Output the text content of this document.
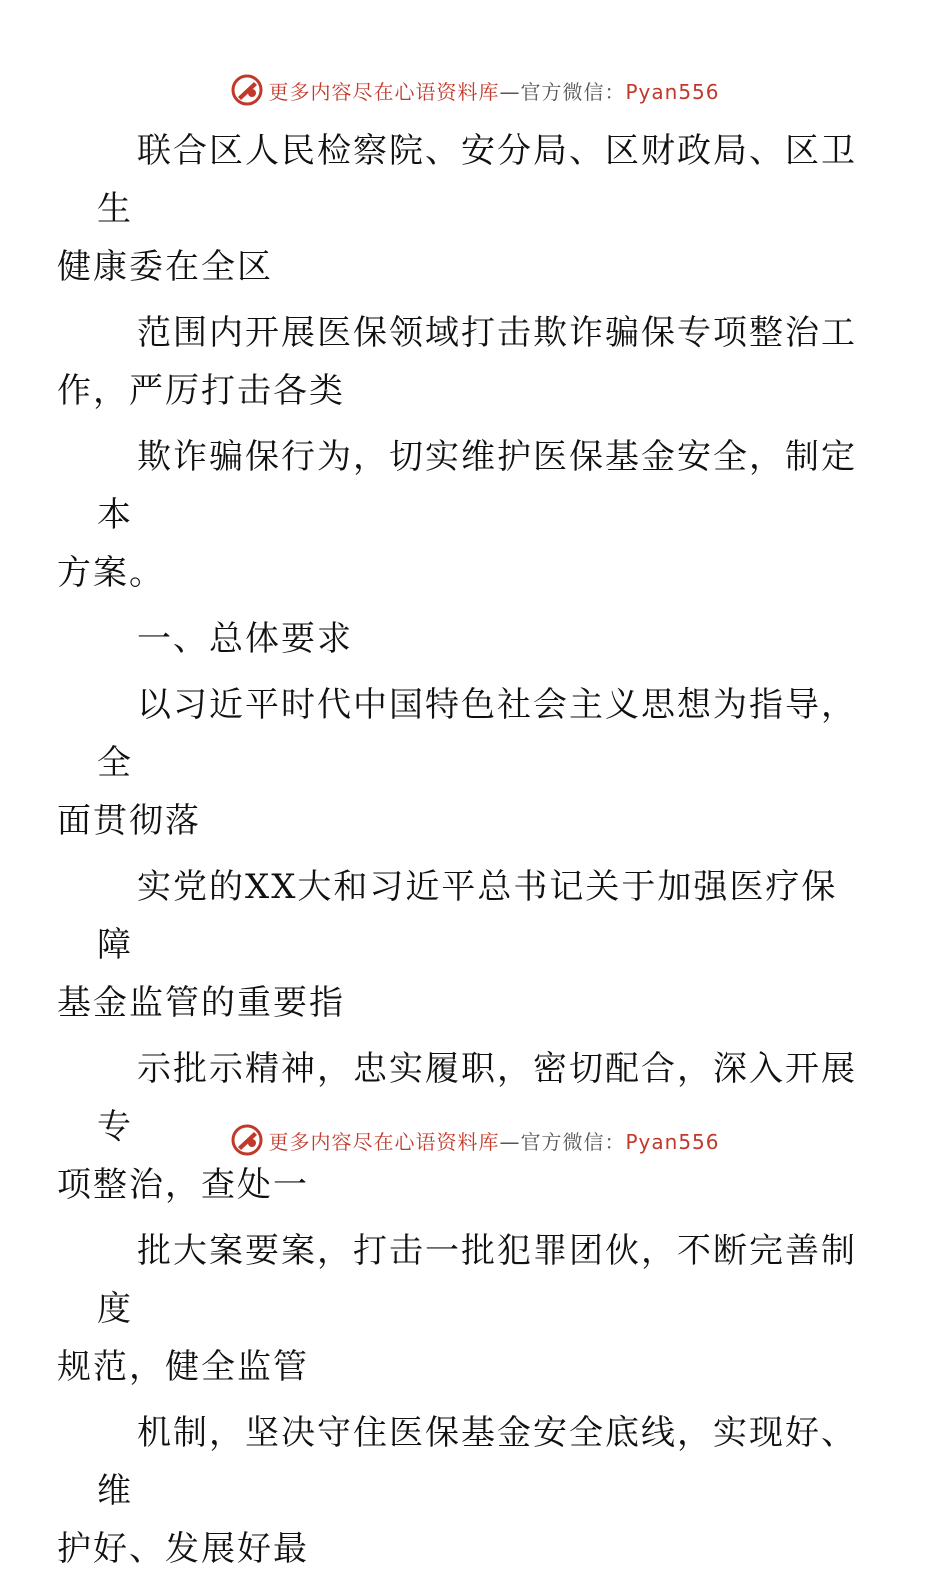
更多内容尽在心语资料库—官方微信：Pyan556

联合区人民检察院、安分局、区财政局、区卫生
健康委在全区

范围内开展医保领域打击欺诈骗保专项整治工
作，严厉打击各类

欺诈骗保行为，切实维护医保基金安全，制定本
方案。

一、总体要求

以习近平时代中国特色社会主义思想为指导，全
面贯彻落

实党的XX大和习近平总书记关于加强医疗保障
基金监管的重要指

示批示精神，忠实履职，密切配合，深入开展专
项整治，查处一

批大案要案，打击一批犯罪团伙，不断完善制度
规范，健全监管

机制，坚决守住医保基金安全底线，实现好、维
护好、发展好最

更多内容尽在心语资料库—官方微信：Pyan556
